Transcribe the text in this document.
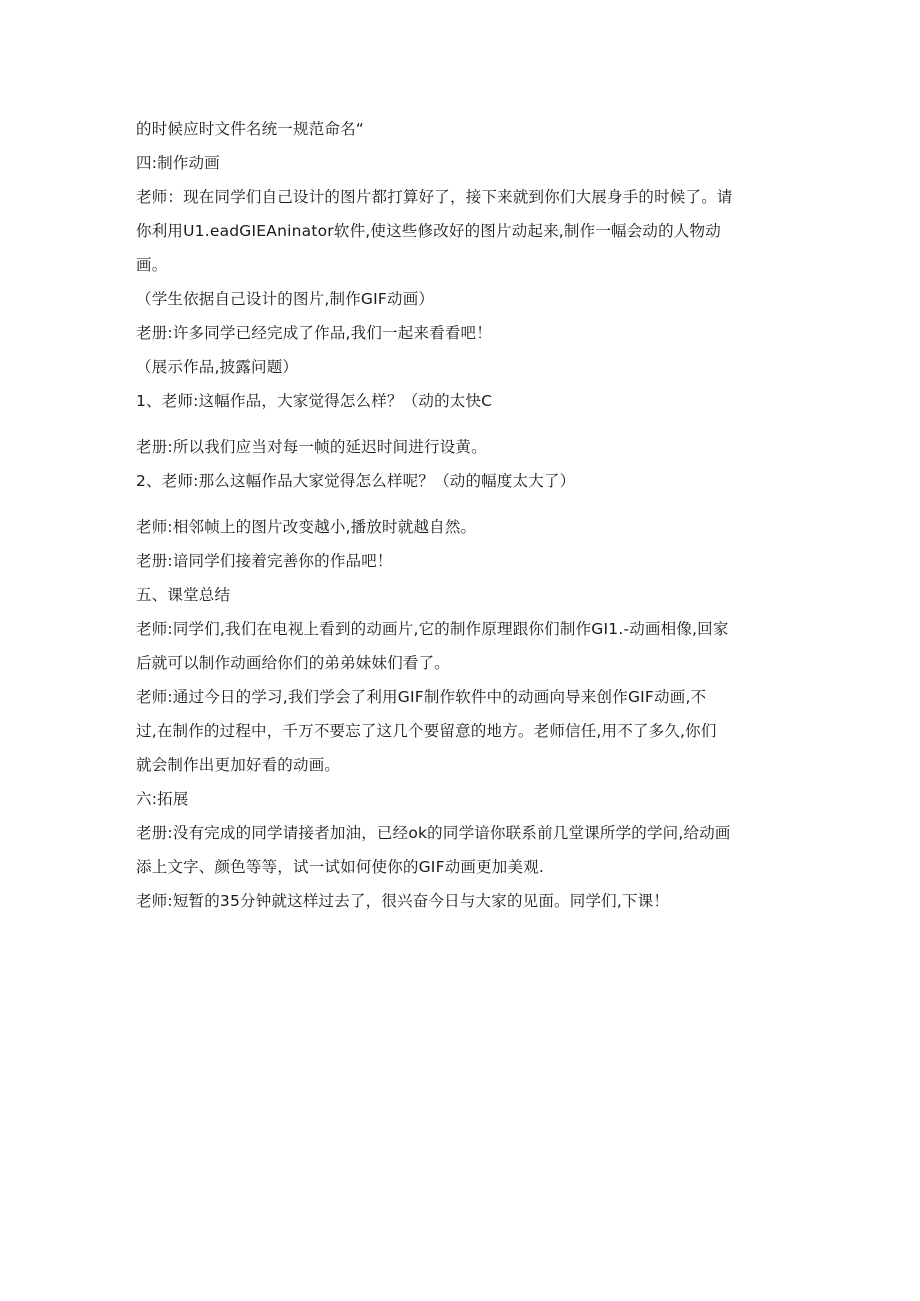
的时候应时文件名统一规范命名“
四:制作动画
老师：现在同学们自己设计的图片都打算好了，接下来就到你们大展身手的时候了。请
你利用U1.eadGIEAninator软件,使这些修改好的图片动起来,制作一幅会动的人物动
画。
（学生依据自己设计的图片,制作GIF动画）
老册:许多同学已经完成了作品,我们一起来看看吧！
（展示作品,披露问题）
1、老师:这幅作品，大家觉得怎么样？（动的太快C
老册:所以我们应当对每一帧的延迟时间进行设黄。
2、老师:那么这幅作品大家觉得怎么样呢？（动的幅度太大了）
老师:相邻帧上的图片改变越小,播放时就越自然。
老册:谙同学们接着完善你的作品吧！
五、课堂总结
老师:同学们,我们在电视上看到的动画片,它的制作原理跟你们制作GI1.-动画相像,回家
后就可以制作动画给你们的弟弟妹妹们看了。
老师:通过今日的学习,我们学会了利用GIF制作软件中的动画向导来创作GIF动画,不
过,在制作的过程中，千万不要忘了这几个要留意的地方。老师信任,用不了多久,你们
就会制作出更加好看的动画。
六:拓展
老册:没有完成的同学请接者加油，已经ok的同学谙你联系前几堂课所学的学问,给动画
添上文字、颜色等等，试一试如何使你的GIF动画更加美观.
老师:短暂的35分钟就这样过去了，很兴奋今日与大家的见面。同学们,下课！
